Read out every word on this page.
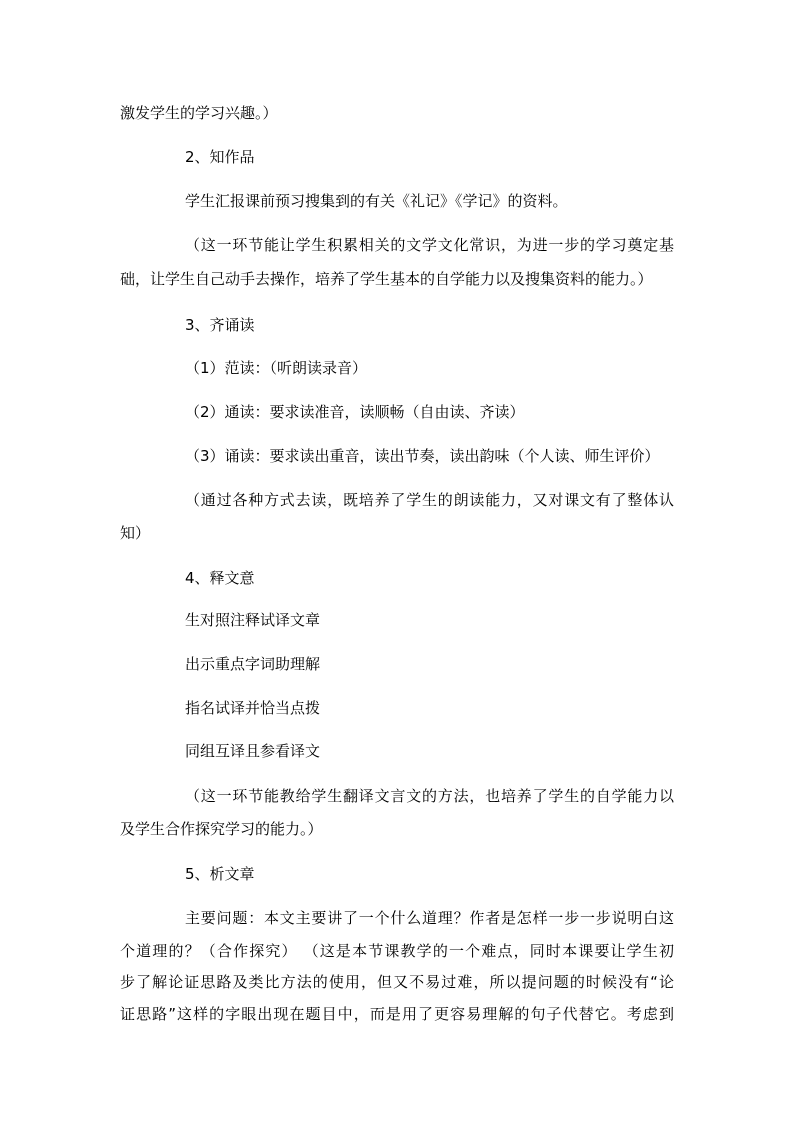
激发学生的学习兴趣。）
2、知作品
学生汇报课前预习搜集到的有关《礼记》《学记》的资料。
（这一环节能让学生积累相关的文学文化常识，为进一步的学习奠定基
础，让学生自己动手去操作，培养了学生基本的自学能力以及搜集资料的能力。）
3、齐诵读
（1）范读：（听朗读录音）
（2）通读：要求读准音，读顺畅（自由读、齐读）
（3）诵读：要求读出重音，读出节奏，读出韵味（个人读、师生评价）
（通过各种方式去读，既培养了学生的朗读能力，又对课文有了整体认
知）
4、释文意
生对照注释试译文章
出示重点字词助理解
指名试译并恰当点拨
同组互译且参看译文
（这一环节能教给学生翻译文言文的方法，也培养了学生的自学能力以
及学生合作探究学习的能力。）
5、析文章
主要问题：本文主要讲了一个什么道理？作者是怎样一步一步说明白这
个道理的？（合作探究） （这是本节课教学的一个难点，同时本课要让学生初
步了解论证思路及类比方法的使用，但又不易过难，所以提问题的时候没有“论
证思路”这样的字眼出现在题目中，而是用了更容易理解的句子代替它。考虑到
